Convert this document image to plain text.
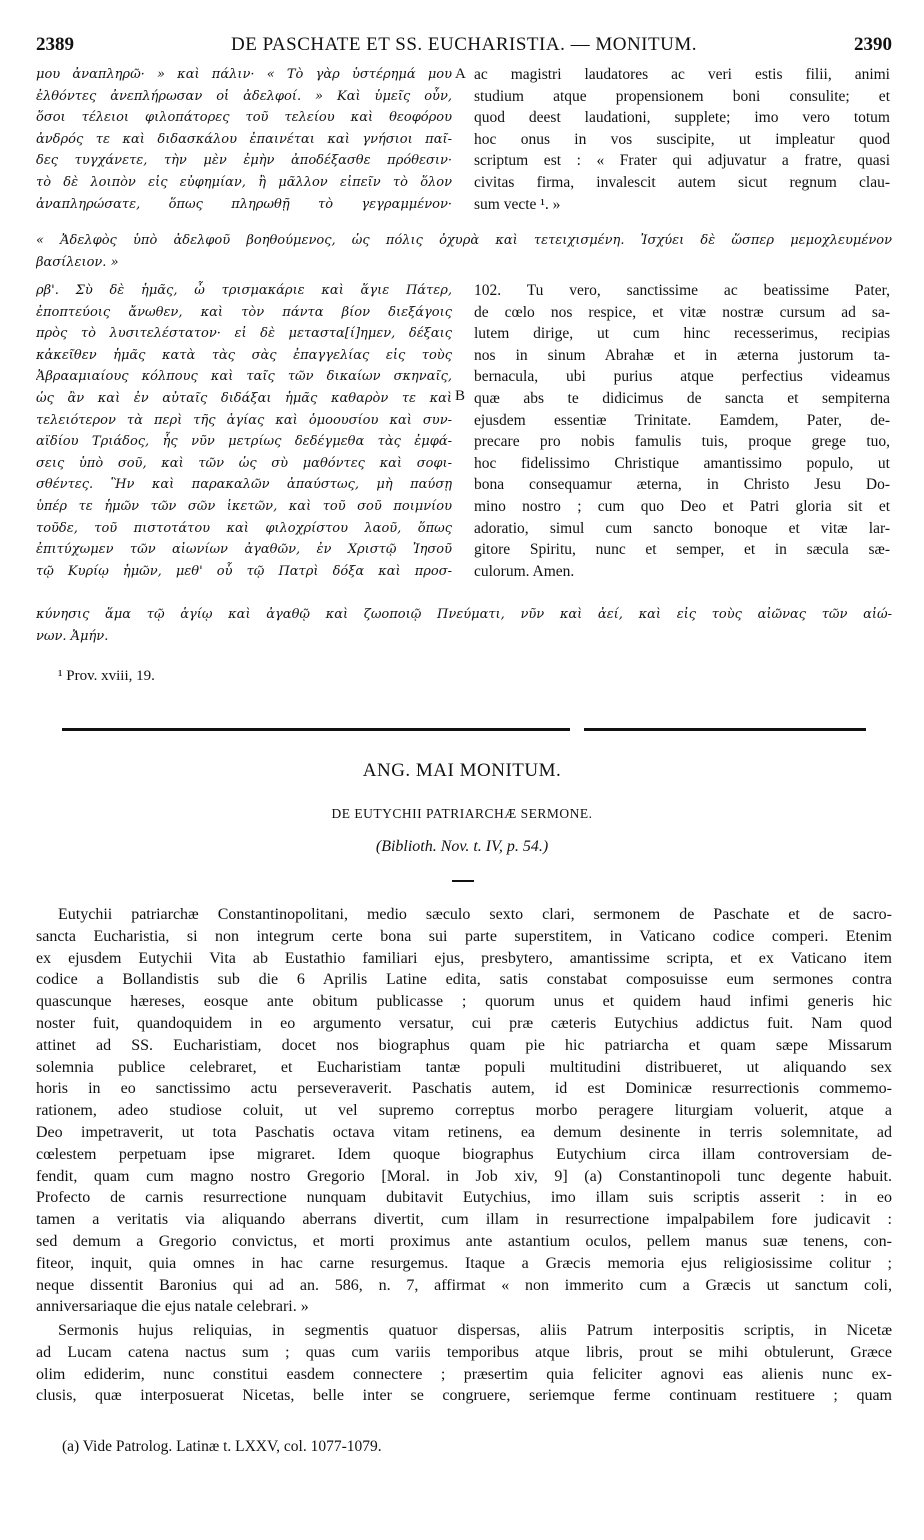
2389	DE PASCHATE ET SS. EUCHARISTIA. — MONITUM.	2390
μου ἀναπληρῶ· » καὶ πάλιν· « Τὸ γὰρ ὑστέρημά μου
ἐλθόντες ἀνεπλήρωσαν οἱ ἀδελφοί. » Καὶ ὑμεῖς οὖν,
ὅσοι τέλειοι φιλοπάτορες τοῦ τελείου καὶ θεοφόρου
ἀνδρός τε καὶ διδασκάλου ἐπαινέται καὶ γνήσιοι παῖ-
δες τυγχάνετε, τὴν μὲν ἐμὴν ἀποδέξασθε πρόθεσιν·
τὸ δὲ λοιπὸν εἰς εὐφημίαν, ἢ μᾶλλον εἰπεῖν τὸ ὅλον
ἀναπληρώσατε, ὅπως πληρωθῇ τὸ γεγραμμένον·
A ac magistri laudatores ac veri estis filii, animi
studium atque propensionem boni consulite; et
quod deest laudationi, supplete; imo vero totum
hoc onus in vos suscipite, ut impleatur quod
scriptum est : « Frater qui adjuvatur a fratre, quasi
civitas firma, invalescit autem sicut regnum clau-
sum vecte ¹. »
« Ἀδελφὸς ὑπὸ ἀδελφοῦ βοηθούμενος, ὡς πόλις ὀχυρὰ καὶ τετειχισμένη. Ἰσχύει δὲ ὥσπερ μεμοχλευμένον
βασίλειον. »
ρβ'. Σὺ δὲ ἡμᾶς, ὦ τρισμακάριε καὶ ἅγιε Πάτερ,
ἐποπτεύοις ἄνωθεν, καὶ τὸν πάντα βίον διεξάγοις
πρὸς τὸ λυσιτελέστατον· εἰ δὲ μεταστα[ί]ημεν, δέξαις
κἀκεῖθεν ἡμᾶς κατὰ τὰς σὰς ἐπαγγελίας εἰς τοὺς
Ἀβρααμιαίους κόλπους καὶ ταῖς τῶν δικαίων σκηναῖς,
ὡς ἂν καὶ ἐν αὐταῖς διδάξαι ἡμᾶς καθαρὸν τε καὶ
τελειότερον τὰ περὶ τῆς ἁγίας καὶ ὁμοουσίου καὶ συν-
αϊδίου Τριάδος, ἧς νῦν μετρίως δεδέγμεθα τὰς ἐμφά-
σεις ὑπὸ σοῦ, καὶ τῶν ὡς σὺ μαθόντες καὶ σοφι-
σθέντες. Ἣν καὶ παρακαλῶν ἀπαύστως, μὴ παύσῃ
ὑπέρ τε ἡμῶν τῶν σῶν ἱκετῶν, καὶ τοῦ σοῦ ποιμνίου
τοῦδε, τοῦ πιστοτάτου καὶ φιλοχρίστου λαοῦ, ὅπως
ἐπιτύχωμεν τῶν αἰωνίων ἀγαθῶν, ἐν Χριστῷ Ἰησοῦ
τῷ Κυρίῳ ἡμῶν, μεθ' οὗ τῷ Πατρὶ δόξα καὶ προσ-
B
102. Tu vero, sanctissime ac beatissime Pater,
de cœlo nos respice, et vitæ nostræ cursum ad sa-
lutem dirige, ut cum hinc recesserimus, recipias
nos in sinum Abrahæ et in æterna justorum ta-
bernacula, ubi purius atque perfectius videamus
quæ abs te didicimus de sancta et sempiterna
ejusdem essentiæ Trinitate. Eamdem, Pater, de-
precare pro nobis famulis tuis, proque grege tuo,
hoc fidelissimo Christique amantissimo populo, ut
bona consequamur æterna, in Christo Jesu Do-
mino nostro ; cum quo Deo et Patri gloria sit et
adoratio, simul cum sancto bonoque et vitæ lar-
gitore Spiritu, nunc et semper, et in sæcula sæ-
culorum. Amen.
κύνησις ἅμα τῷ ἁγίῳ καὶ ἀγαθῷ καὶ ζωοποιῷ Πνεύματι, νῦν καὶ ἀεί, καὶ εἰς τοὺς αἰῶνας τῶν αἰώ-
νων. Ἀμήν.
¹ Prov. xviii, 19.
ANG. MAI MONITUM.
DE EUTYCHII PATRIARCHÆ SERMONE.
(Biblioth. Nov. t. IV, p. 54.)
Eutychii patriarchæ Constantinopolitani, medio sæculo sexto clari, sermonem de Paschate et de sacro-
sancta Eucharistia, si non integrum certe bona sui parte superstitem, in Vaticano codice comperi. Etenim
ex ejusdem Eutychii Vita ab Eustathio familiari ejus, presbytero, amantissime scripta, et ex Vaticano item
codice a Bollandistis sub die 6 Aprilis Latine edita, satis constabat composuisse eum sermones contra
quascunque hæreses, eosque ante obitum publicasse ; quorum unus et quidem haud infimi generis hic
noster fuit, quandoquidem in eo argumento versatur, cui præ cæteris Eutychius addictus fuit. Nam quod
attinet ad SS. Eucharistiam, docet nos biographus quam pie hic patriarcha et quam sæpe Missarum
solemnia publice celebraret, et Eucharistiam tantæ populi multitudini distribueret, ut aliquando sex
horis in eo sanctissimo actu perseveraverit. Paschatis autem, id est Dominicæ resurrectionis commemo-
rationem, adeo studiose coluit, ut vel supremo correptus morbo peragere liturgiam voluerit, atque a
Deo impetraverit, ut tota Paschatis octava vitam retinens, ea demum desinente in terris solemnitate, ad
cœlestem perpetuam ipse migraret. Idem quoque biographus Eutychium circa illam controversiam de-
fendit, quam cum magno nostro Gregorio [Moral. in Job xiv, 9] (a) Constantinopoli tunc degente habuit.
Profecto de carnis resurrectione nunquam dubitavit Eutychius, imo illam suis scriptis asserit : in eo
tamen a veritatis via aliquando aberrans divertit, cum illam in resurrectione impalpabilem fore judicavit :
sed demum a Gregorio convictus, et morti proximus ante astantium oculos, pellem manus suæ tenens, con-
fiteor, inquit, quia omnes in hac carne resurgemus. Itaque a Græcis memoria ejus religiosissime colitur ;
neque dissentit Baronius qui ad an. 586, n. 7, affirmat « non immerito cum a Græcis ut sanctum coli,
anniversariaque die ejus natale celebrari. »
Sermonis hujus reliquias, in segmentis quatuor dispersas, aliis Patrum interpositis scriptis, in Nicetæ
ad Lucam catena nactus sum ; quas cum variis temporibus atque libris, prout se mihi obtulerunt, Græce
olim ediderim, nunc constitui easdem connectere ; præsertim quia feliciter agnovi eas alienis nunc ex-
clusis, quæ interposuerat Nicetas, belle inter se congruere, seriemque ferme continuam restituere ; quam
(a) Vide Patrolog. Latinæ t. LXXV, col. 1077-1079.
